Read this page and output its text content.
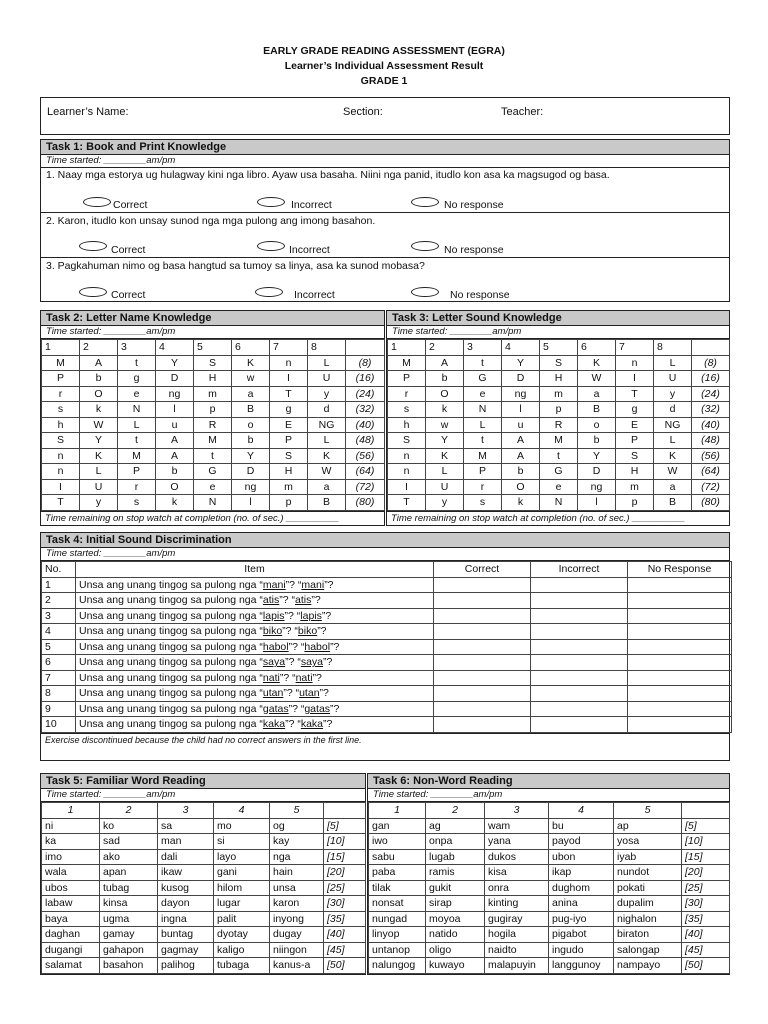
EARLY GRADE READING ASSESSMENT (EGRA)
Learner’s Individual Assessment Result
GRADE 1
Learner’s Name:	Section:	Teacher:
Task 1: Book and Print Knowledge
Time started: ________am/pm
1. Naay mga estorya ug hulagway kini nga libro. Ayaw usa basaha. Niini nga panid, itudlo kon asa ka magsugod og basa.
Correct	Incorrect	No response
2. Karon, itudlo kon unsay sunod nga mga pulong ang imong basahon.
Correct	Incorrect	No response
3. Pagkahuman nimo og basa hangtud sa tumoy sa linya, asa ka sunod mobasa?
Correct	Incorrect	No response
Task 2: Letter Name Knowledge
Time started: ________am/pm
1	2	3	4	5	6	7	8	
M	A	t	Y	S	K	n	L	(8)
P	b	g	D	H	w	I	U	(16)
r	O	e	ng	m	a	T	y	(24)
s	k	N	l	p	B	g	d	(32)
h	W	L	u	R	o	E	NG	(40)
S	Y	t	A	M	b	P	L	(48)
n	K	M	A	t	Y	S	K	(56)
n	L	P	b	G	D	H	W	(64)
I	U	r	O	e	ng	m	a	(72)
T	y	s	k	N	l	p	B	(80)
Time remaining on stop watch at completion (no. of sec.) __________
Task 3: Letter Sound Knowledge
Time started: ________am/pm
1	2	3	4	5	6	7	8	
M	A	t	Y	S	K	n	L	(8)
P	b	G	D	H	W	I	U	(16)
r	O	e	ng	m	a	T	y	(24)
s	k	N	l	p	B	g	d	(32)
h	w	L	u	R	o	E	NG	(40)
S	Y	t	A	M	b	P	L	(48)
n	K	M	A	t	Y	S	K	(56)
n	L	P	b	G	D	H	W	(64)
I	U	r	O	e	ng	m	a	(72)
T	y	s	k	N	l	p	B	(80)
Time remaining on stop watch at completion (no. of sec.) __________
Task 4: Initial Sound Discrimination
Time started: ________am/pm
No.	Item	Correct	Incorrect	No Response
1	Unsa ang unang tingog sa pulong nga “mani”? “mani”?			
2	Unsa ang unang tingog sa pulong nga “atis”? “atis”?			
3	Unsa ang unang tingog sa pulong nga “lapis”? “lapis”?			
4	Unsa ang unang tingog sa pulong nga “biko”? “biko”?			
5	Unsa ang unang tingog sa pulong nga “habol”? “habol”?			
6	Unsa ang unang tingog sa pulong nga “saya”? “saya”?			
7	Unsa ang unang tingog sa pulong nga “nati”? “nati”?			
8	Unsa ang unang tingog sa pulong nga “utan”? “utan”?			
9	Unsa ang unang tingog sa pulong nga “gatas”? “gatas”?			
10	Unsa ang unang tingog sa pulong nga “kaka”? “kaka”?			
Exercise discontinued because the child had no correct answers in the first line.
Task 5: Familiar Word Reading
Time started: ________am/pm
1	2	3	4	5	
ni	ko	sa	mo	og	[5]
ka	sad	man	si	kay	[10]
imo	ako	dali	layo	nga	[15]
wala	apan	ikaw	gani	hain	[20]
ubos	tubag	kusog	hilom	unsa	[25]
labaw	kinsa	dayon	lugar	karon	[30]
baya	ugma	ingna	palit	inyong	[35]
daghan	gamay	buntag	dyotay	dugay	[40]
dugangi	gahapon	gagmay	kaligo	niingon	[45]
salamat	basahon	palihog	tubaga	kanus-a	[50]
Task 6: Non-Word Reading
Time started: ________am/pm
1	2	3	4	5	
gan	ag	wam	bu	ap	[5]
iwo	onpa	yana	payod	yosa	[10]
sabu	lugab	dukos	ubon	iyab	[15]
paba	ramis	kisa	ikap	nundot	[20]
tilak	gukit	onra	dughom	pokati	[25]
nonsat	sirap	kinting	anina	dupalim	[30]
nungad	moyoa	gugiray	pug-iyo	nighalon	[35]
linyop	natido	hogila	pigabot	biraton	[40]
untanop	oligo	naidto	ingudo	salongap	[45]
nalungog	kuwayo	malapuyin	langgunoy	nampayo	[50]
